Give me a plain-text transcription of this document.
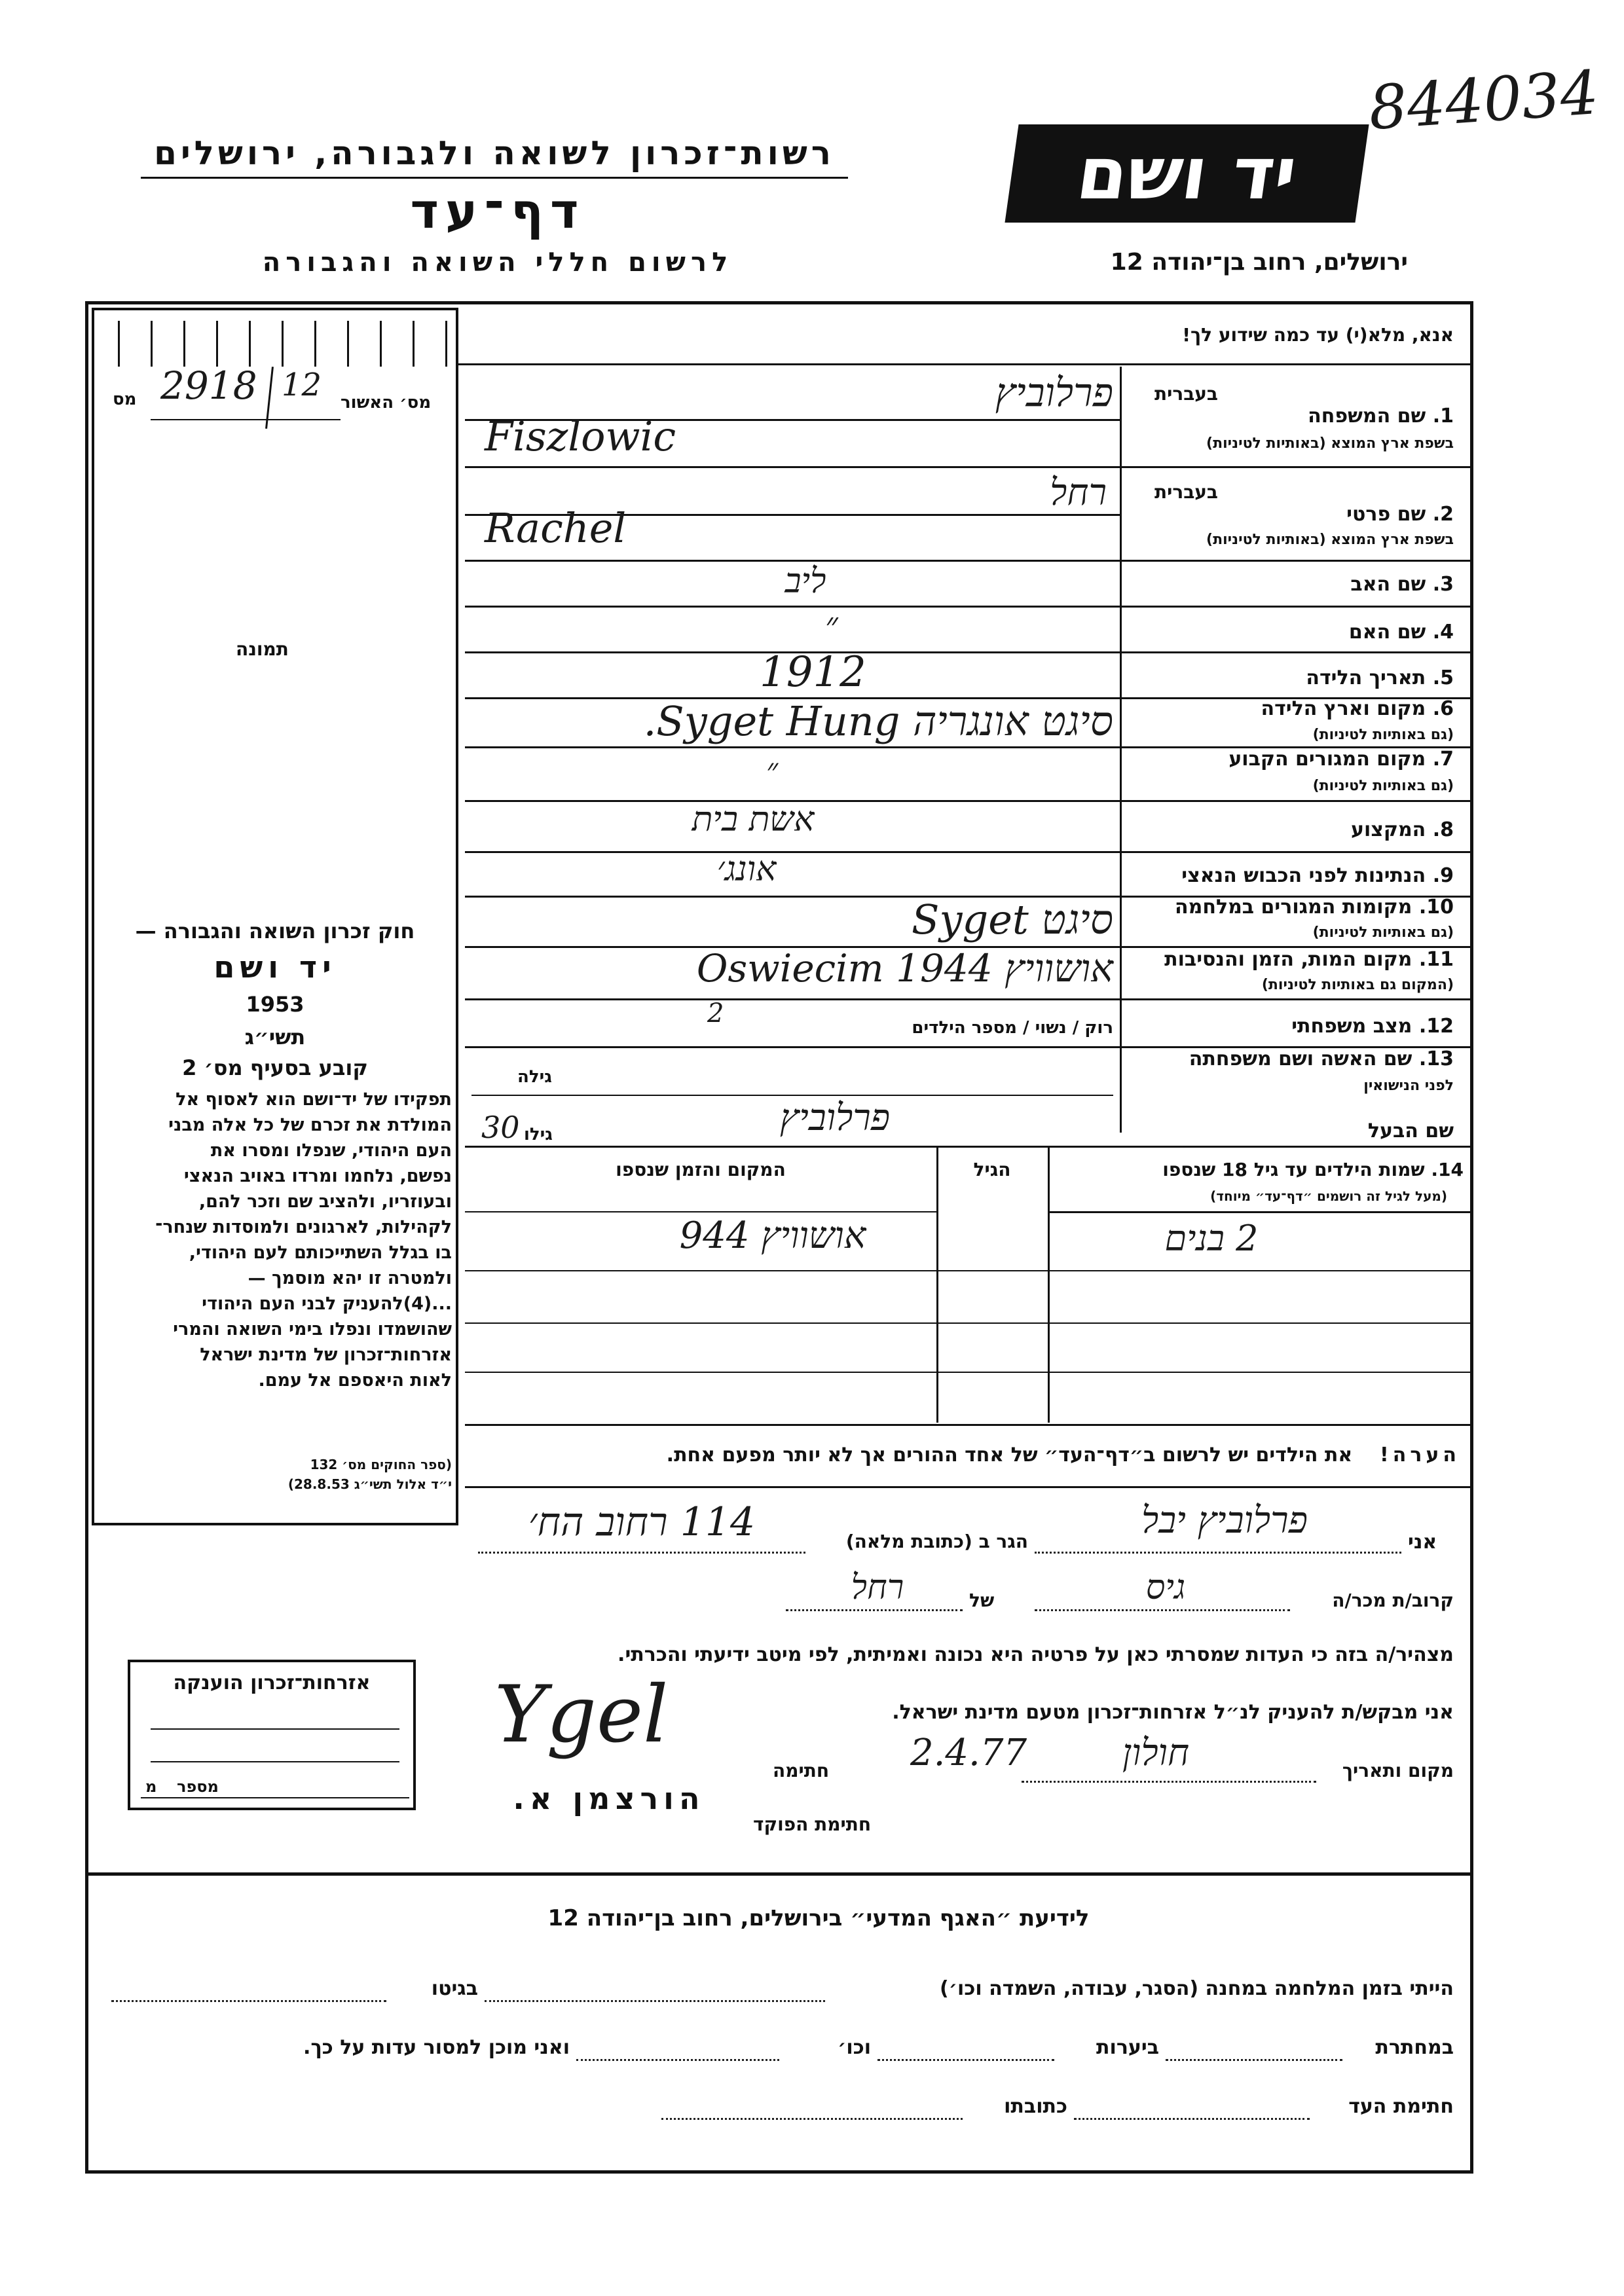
844034
רשות־זכרון לשואה ולגבורה, ירושלים
דף־עד
לרשום חללי השואה והגבורה
יד ושם
ירושלים, רחוב בן־יהודה 12
מס 2918 12 מס׳ האשור
תמונה
חוק זכרון השואה והגבורה —
יד ושם
1953
תשי״ג
קובע בסעיף מס׳ 2

תפקידו של יד־ושם הוא לאסוף אל

המולדת את זכרם של כל אלה מבני

העם היהודי, שנפלו ומסרו את

נפשם, נלחמו ומרדו באויב הנאצי

ובעוזריו, ולהציב שם וזכר להם,

לקהילות, לארגונים ולמוסדות שנחר־

בו בגלל השתייכותם לעם היהודי,

ולמטרה זו יהא מוסמך —

...(4)להעניק לבני העם היהודי

שהושמדו ונפלו בימי השואה והמרי

אזרחות־זכרון של מדינת ישראל

לאות היאספם אל עמם.

(ספר החוקים מס׳ 132
י״ד אלול תשי״ג 28.8.53)
אזרחות־זכרון הוענקה
מספר
מ	הורצמן א.
אנא, מלא(י) עד כמה שידוע לך!
בעברית
1. שם המשפחה
בשפת ארץ המוצא (באותיות לטיניות)
פרלוביץ
Fiszlowic
בעברית
2. שם פרטי
בשפת ארץ המוצא (באותיות לטיניות)
רחל
Rachel
3. שם האב
ליב
4. שם האם
״
5. תאריך הלידה
1912
6. מקום וארץ הלידה
(גם באותיות לטיניות)
סיגט אונגריה Syget Hung.
7. מקום המגורים הקבוע
(גם באותיות לטיניות)
״
8. המקצוע
אשת בית
9. הנתינות לפני הכבוש הנאצי
אונג׳
10. מקומות המגורים במלחמה
(גם באותיות לטיניות)
סיגט Syget
11. מקום המות, הזמן והנסיבות
(המקום גם באותיות לטיניות)
אושוויץ 1944 Oswiecim
12. מצב משפחתי
רוק / נשוי / מספר הילדים
2
13. שם האשה ושם משפחתה
לפני הנישואין
גילה
שם הבעל
פרלוביץ
גילו
30
14. שמות הילדים עד גיל 18 שנספו
(מעל לגיל זה רושמים ״דף־עד״ מיוחד)
הגיל
המקום והזמן שנספו
2 בנים
אושוויץ 944
הערה!    את הילדים יש לרשום ב״דף־העד״ של אחד ההורים אך לא יותר מפעם אחת.
אני
פרלוביץ יבל
הגר ב (כתובת מלאה)
114 רחוב הח׳
קרוב/ת מכר/ה
גיס
של
רחל
מצהיר/ה בזה כי העדות שמסרתי כאן על פרטיה היא נכונה ואמיתית, לפי מיטב ידיעתי והכרתי.
אני מבקש/ת להעניק לנ״ל אזרחות־זכרון מטעם מדינת ישראל.
Ygel
מקום ותאריך
חולון
2.4.77
חתימה
חתימת הפוקד
לידיעת ״האגף המדעי״ בירושלים, רחוב בן־יהודה 12
הייתי בזמן המלחמה במחנה (הסגר, עבודה, השמדה וכו׳)
בגיטו
במחתרת
ביערות
וכו׳
ואני מוכן למסור עדות על כך.
חתימת העד
כתובתו
